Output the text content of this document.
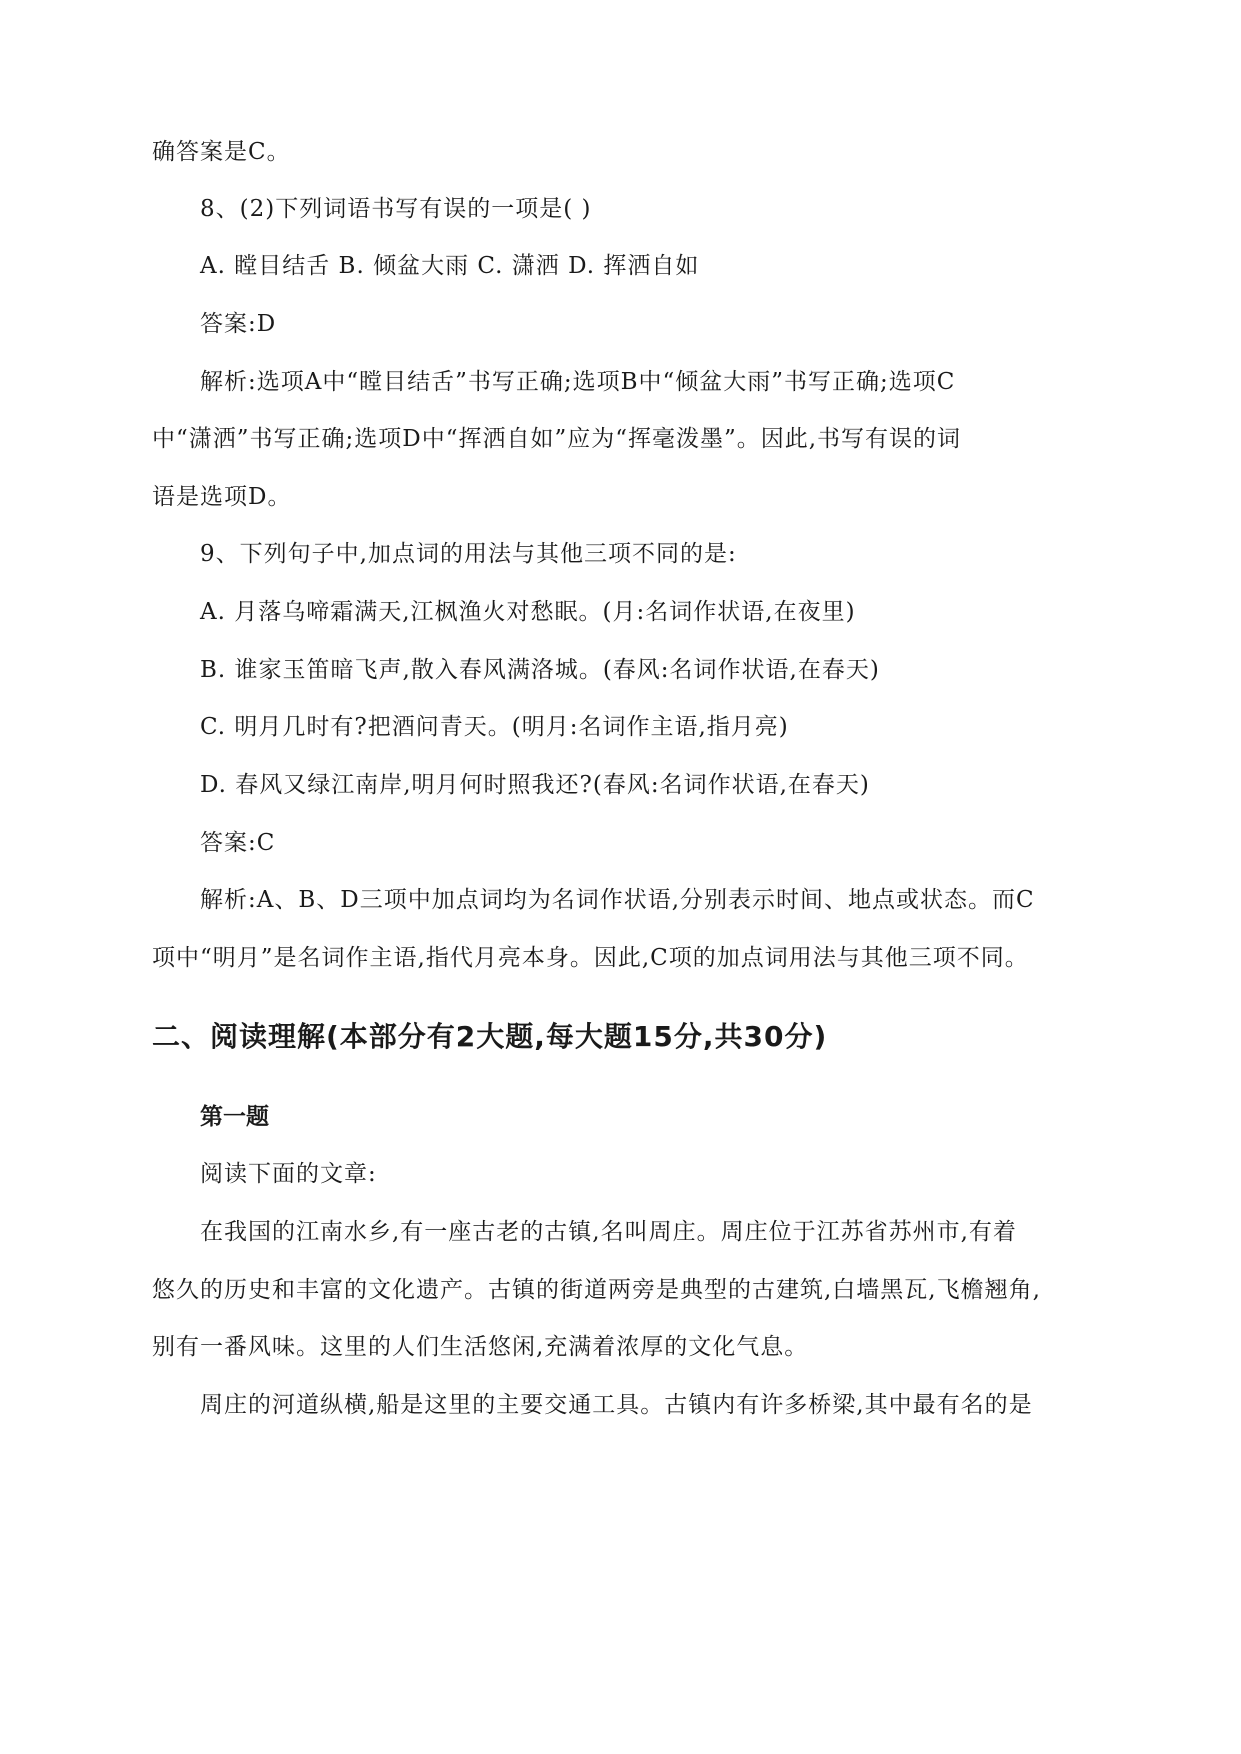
确答案是C。
8、(2)下列词语书写有误的一项是( )
A. 瞠目结舌 B. 倾盆大雨 C. 潇洒 D. 挥洒自如
答案:D
解析:选项A中“瞠目结舌”书写正确;选项B中“倾盆大雨”书写正确;选项C
中“潇洒”书写正确;选项D中“挥洒自如”应为“挥毫泼墨”。因此,书写有误的词
语是选项D。
9、下列句子中,加点词的用法与其他三项不同的是:
A. 月落乌啼霜满天,江枫渔火对愁眠。(月:名词作状语,在夜里)
B. 谁家玉笛暗飞声,散入春风满洛城。(春风:名词作状语,在春天)
C. 明月几时有?把酒问青天。(明月:名词作主语,指月亮)
D. 春风又绿江南岸,明月何时照我还?(春风:名词作状语,在春天)
答案:C
解析:A、B、D三项中加点词均为名词作状语,分别表示时间、地点或状态。而C
项中“明月”是名词作主语,指代月亮本身。因此,C项的加点词用法与其他三项不同。
二、阅读理解(本部分有2大题,每大题15分,共30分)
第一题
阅读下面的文章:
在我国的江南水乡,有一座古老的古镇,名叫周庄。周庄位于江苏省苏州市,有着
悠久的历史和丰富的文化遗产。古镇的街道两旁是典型的古建筑,白墙黑瓦,飞檐翘角,
别有一番风味。这里的人们生活悠闲,充满着浓厚的文化气息。
周庄的河道纵横,船是这里的主要交通工具。古镇内有许多桥梁,其中最有名的是
